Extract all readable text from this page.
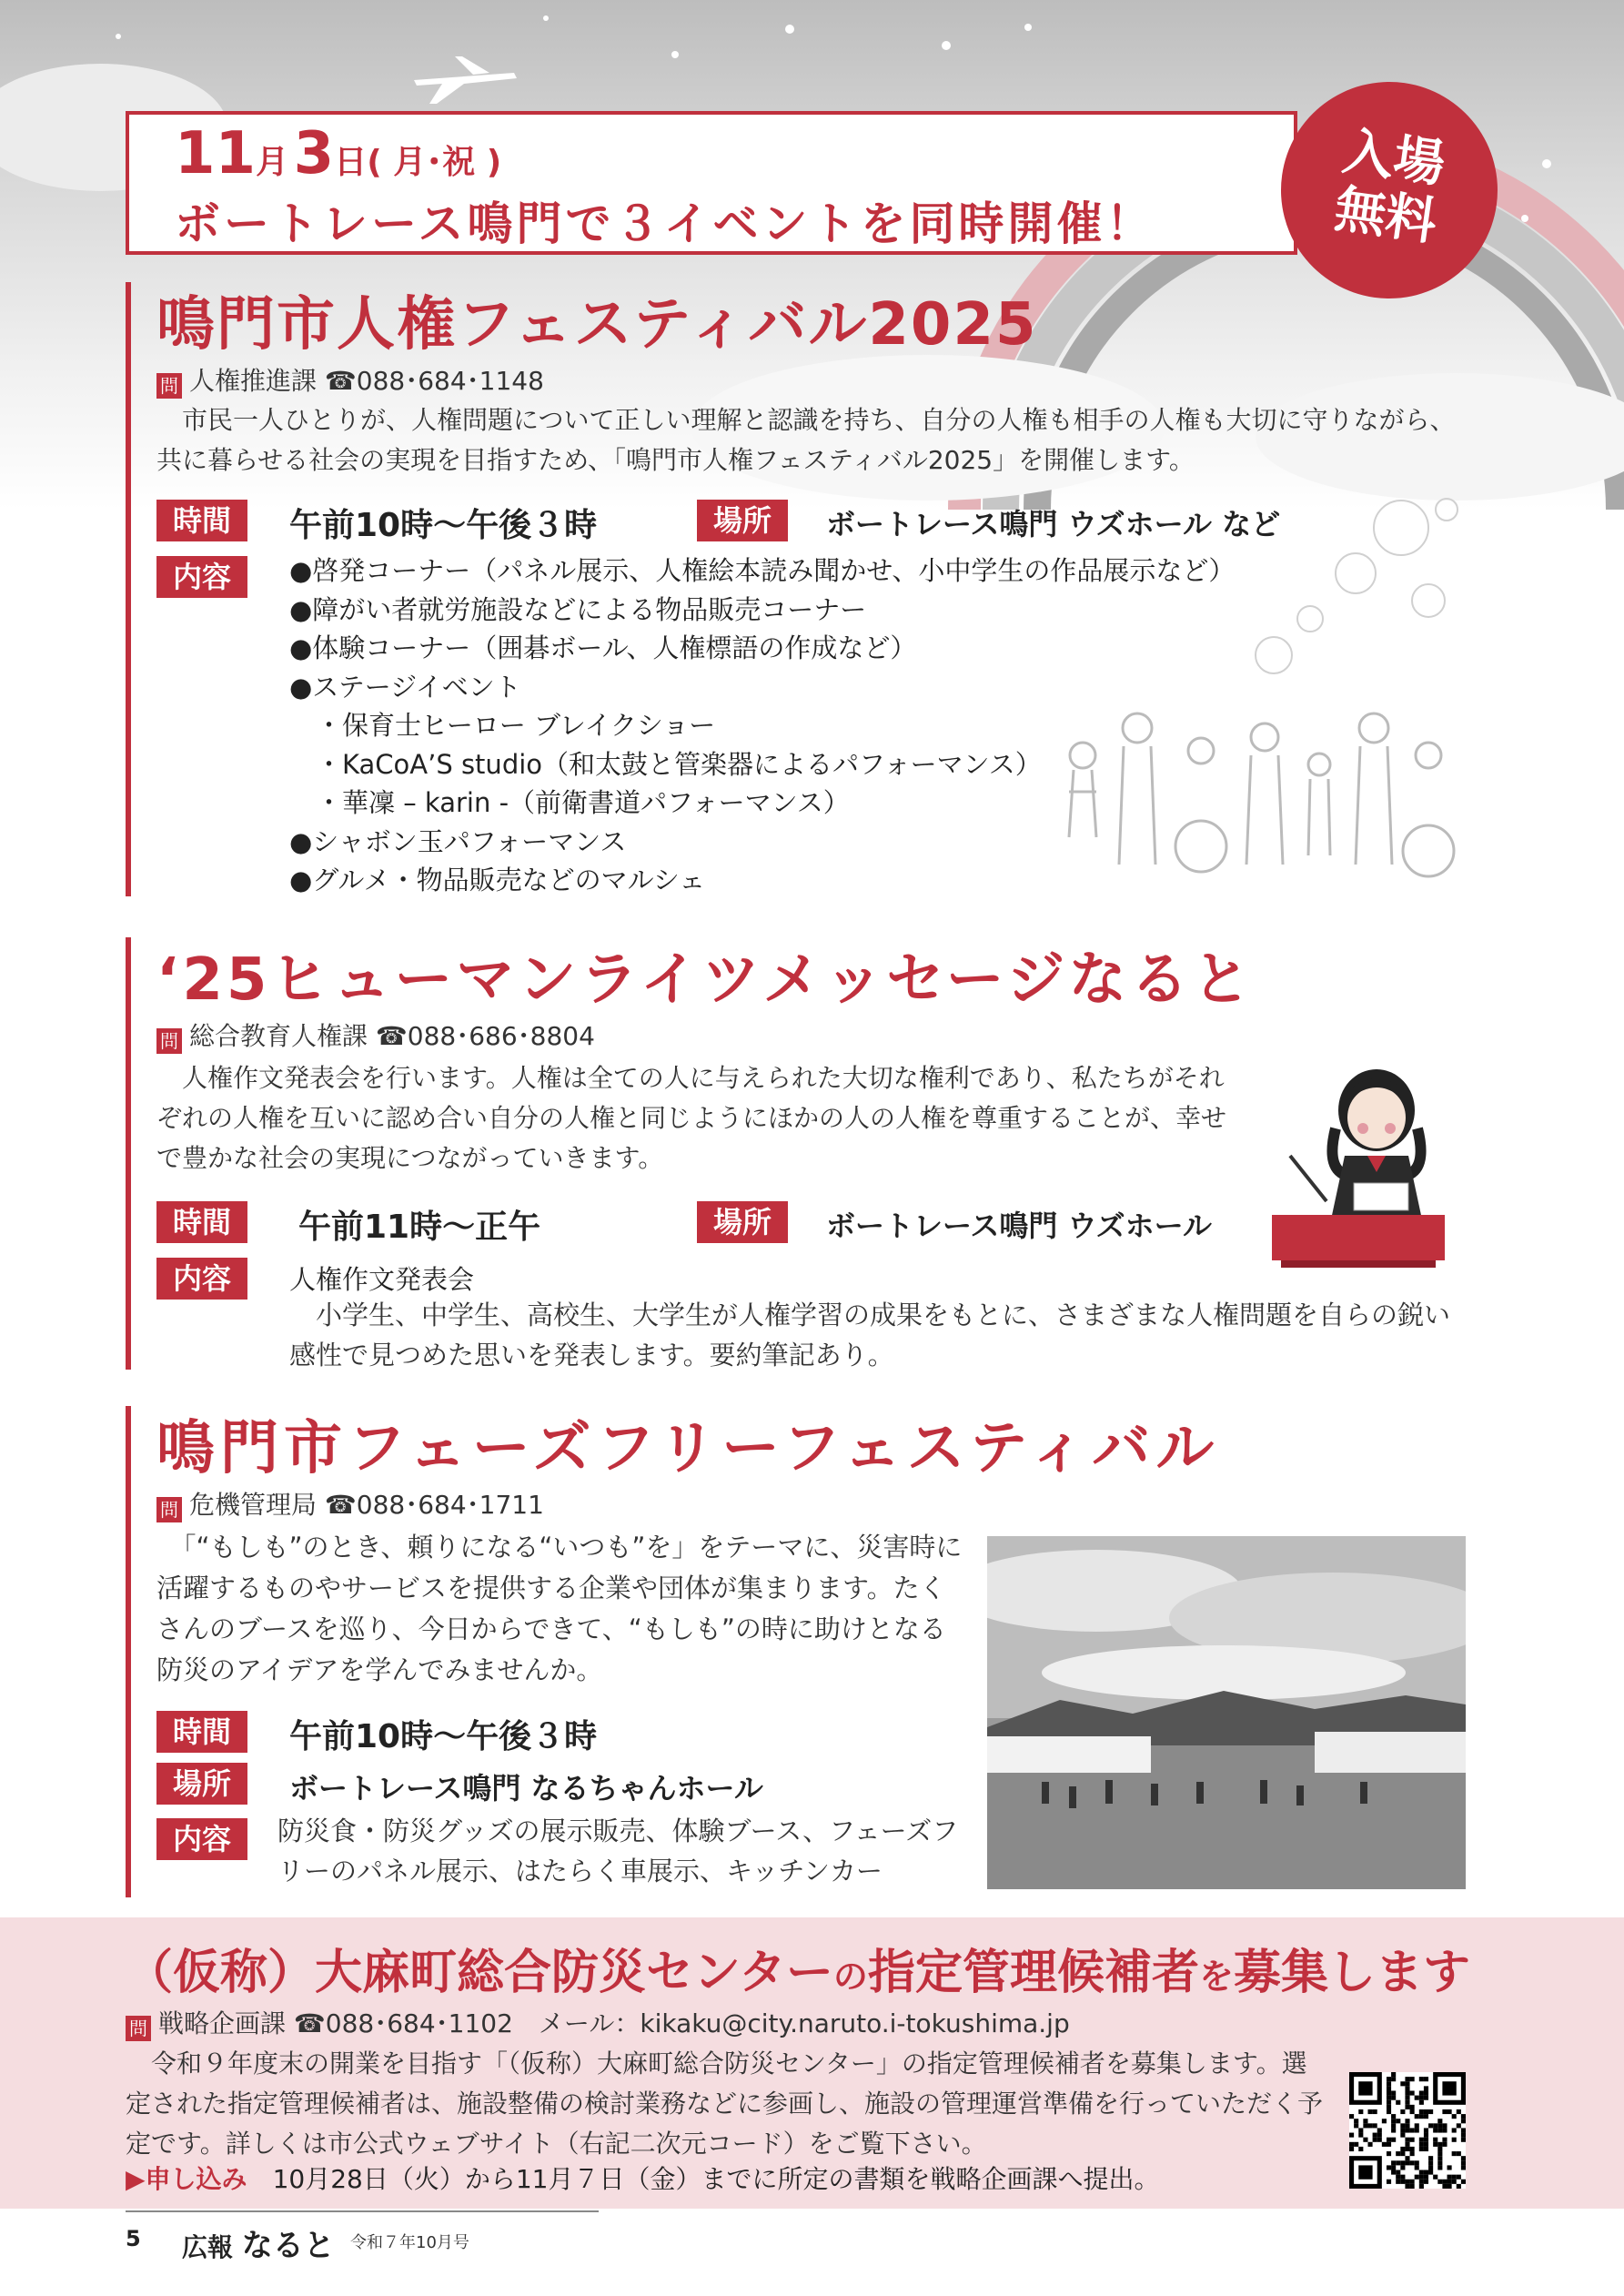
11月 3日( 月･祝 )
ボートレース鳴門で３イベントを同時開催！
入場
無料
鳴門市人権フェスティバル2025
問 人権推進課 ☎088･684･1148
　市民一人ひとりが、人権問題について正しい理解と認識を持ち、自分の人権も相手の人権も大切に守りながら、共に暮らせる社会の実現を目指すため、「鳴門市人権フェスティバル2025」を開催します。
時間	午前10時～午後３時	場所	ボートレース鳴門 ウズホール など
内容	●啓発コーナー（パネル展示、人権絵本読み聞かせ、小中学生の作品展示など）
●障がい者就労施設などによる物品販売コーナー
●体験コーナー（囲碁ボール、人権標語の作成など）
●ステージイベント
　・保育士ヒーロー ブレイクショー
　・KaCoA’S studio（和太鼓と管楽器によるパフォーマンス）
　・華凜 – karin -（前衛書道パフォーマンス）
●シャボン玉パフォーマンス
●グルメ・物品販売などのマルシェ
‘25ヒューマンライツメッセージなると
問 総合教育人権課 ☎088･686･8804
　人権作文発表会を行います。人権は全ての人に与えられた大切な権利であり、私たちがそれぞれの人権を互いに認め合い自分の人権と同じようにほかの人の人権を尊重することが、幸せで豊かな社会の実現につながっていきます。
時間	午前11時～正午	場所	ボートレース鳴門 ウズホール
内容	人権作文発表会
　小学生、中学生、高校生、大学生が人権学習の成果をもとに、さまざまな人権問題を自らの鋭い感性で見つめた思いを発表します。要約筆記あり。
鳴門市フェーズフリーフェスティバル
問 危機管理局 ☎088･684･1711
　「“もしも”のとき、頼りになる“いつも”を」をテーマに、災害時に活躍するものやサービスを提供する企業や団体が集まります。たくさんのブースを巡り、今日からできて、“もしも”の時に助けとなる防災のアイデアを学んでみませんか。
時間	午前10時～午後３時
場所	ボートレース鳴門 なるちゃんホール
内容	防災食・防災グッズの展示販売、体験ブース、フェーズフリーのパネル展示、はたらく車展示、キッチンカー
（仮称）大麻町総合防災センターの指定管理候補者を募集します
問 戦略企画課 ☎088･684･1102　メール：kikaku@city.naruto.i-tokushima.jp
　令和９年度末の開業を目指す「（仮称）大麻町総合防災センター」の指定管理候補者を募集します。選定された指定管理候補者は、施設整備の検討業務などに参画し、施設の管理運営準備を行っていただく予定です。詳しくは市公式ウェブサイト（右記二次元コード）をご覧下さい。
▶申し込み　 10月28日（火）から11月７日（金）までに所定の書類を戦略企画課へ提出。
5 広報 なると 令和７年10月号
